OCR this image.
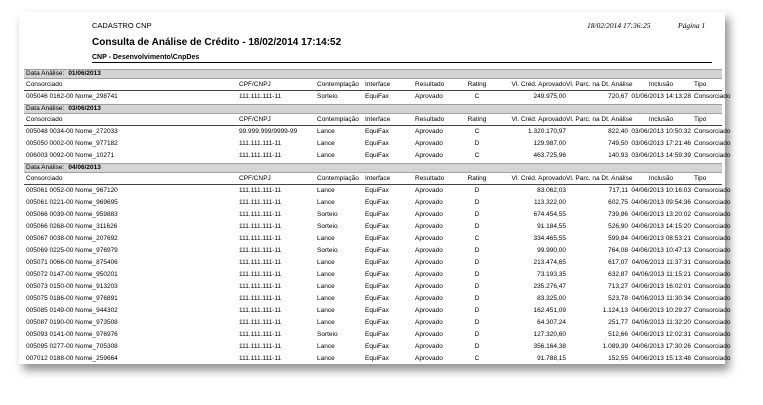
CADASTRO CNP	18/02/2014 17:36:25	Página 1
Consulta de Análise de Crédito - 18/02/2014 17:14:52
CNP - Desenvolvimento\CnpDes
Data Análise: 01/06/2013
Consorciado	CPF/CNPJ	Contemplação Interface	Resultado	Rating	Vl. Créd. Aprovado Vl. Parc. na Dt. Análise	Inclusão	Tipo
005046 0162-00 Nome_298741	111.111.111-11	Sorteio	EquiFax	Aprovado	C	249.975,00	720,67 01/06/2013 14:13:28 Consorciado
Data Análise: 03/06/2013
Consorciado	CPF/CNPJ	Contemplação Interface	Resultado	Rating	Vl. Créd. Aprovado Vl. Parc. na Dt. Análise	Inclusão	Tipo
005048 0034-00 Nome_272033	99.999.999/9999-99	Lance	EquiFax	Aprovado	C	1.320.170,97	822,40 03/06/2013 10:50:32 Consorciado
005050 0002-00 Nome_977182	111.111.111-11	Lance	EquiFax	Aprovado	D	129.987,00	749,50 03/06/2013 17:21:46 Consorciado
006003 0092-00 Nome_10271	111.111.111-11	Lance	EquiFax	Aprovado	C	463.725,96	140,93 03/06/2013 14:59:39 Consorciado
Data Análise: 04/06/2013
Consorciado	CPF/CNPJ	Contemplação Interface	Resultado	Rating	Vl. Créd. Aprovado Vl. Parc. na Dt. Análise	Inclusão	Tipo
005061 0052-00 Nome_967120	111.111.111-11	Lance	EquiFax	Aprovado	D	83.062,03	717,11 04/06/2013 10:16:03 Consorciado
005061 0221-00 Nome_969695	111.111.111-11	Lance	EquiFax	Aprovado	D	113.322,00	602,75 04/06/2013 09:54:36 Consorciado
005066 0039-00 Nome_959883	111.111.111-11	Sorteio	EquiFax	Aprovado	D	674.454,55	739,86 04/06/2013 13:20:02 Consorciado
005066 0268-00 Nome_311626	111.111.111-11	Sorteio	EquiFax	Aprovado	D	91.184,55	526,90 04/06/2013 14:15:20 Consorciado
005067 0038-00 Nome_207692	111.111.111-11	Lance	EquiFax	Aprovado	C	334.465,55	599,84 04/06/2013 08:53:21 Consorciado
005069 0225-00 Nome_976979	111.111.111-11	Sorteio	EquiFax	Aprovado	D	99.990,00	764,08 04/06/2013 10:47:13 Consorciado
005071 0066-00 Nome_875406	111.111.111-11	Lance	EquiFax	Aprovado	D	213.474,65	617,07 04/06/2013 11:37:31 Consorciado
005072 0147-00 Nome_950201	111.111.111-11	Lance	EquiFax	Aprovado	D	73.193,35	632,87 04/06/2013 11:15:21 Consorciado
005073 0150-00 Nome_913203	111.111.111-11	Lance	EquiFax	Aprovado	D	235.276,47	713,27 04/06/2013 16:02:01 Consorciado
005075 0186-00 Nome_976891	111.111.111-11	Lance	EquiFax	Aprovado	D	83.325,00	523,78 04/06/2013 11:30:34 Consorciado
005085 0149-00 Nome_944302	111.111.111-11	Lance	EquiFax	Aprovado	D	162.451,09	1.124,13 04/06/2013 10:29:27 Consorciado
005087 0190-00 Nome_973508	111.111.111-11	Lance	EquiFax	Aprovado	D	64.307,24	251,77 04/06/2013 11:32:20 Consorciado
005093 0141-00 Nome_976976	111.111.111-11	Sorteio	EquiFax	Aprovado	D	127.320,60	512,66 04/06/2013 12:02:31 Consorciado
005095 0277-00 Nome_705308	111.111.111-11	Lance	EquiFax	Aprovado	D	356.164,38	1.089,39 04/06/2013 17:30:26 Consorciado
007012 0188-00 Nome_259664	111.111.111-11	Lance	EquiFax	Aprovado	C	91.788,15	152,55 04/06/2013 15:13:48 Consorciado
